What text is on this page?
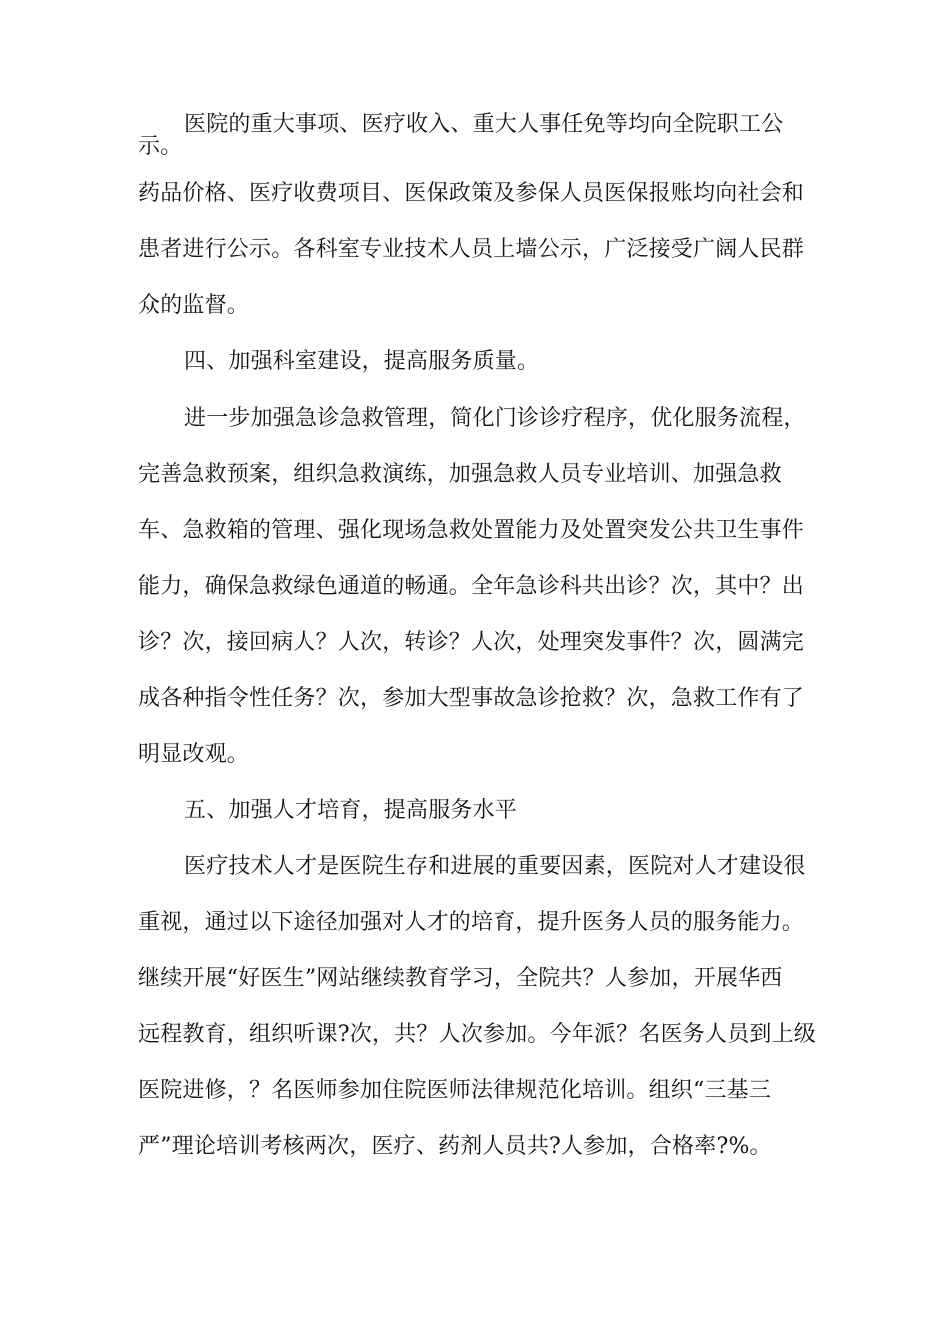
医院的重大事项、医疗收入、重大人事任免等均向全院职工公
示。
药品价格、医疗收费项目、医保政策及参保人员医保报账均向社会和
患者进行公示。各科室专业技术人员上墙公示，广泛接受广阔人民群
众的监督。
四、加强科室建设，提高服务质量。
进一步加强急诊急救管理，简化门诊诊疗程序，优化服务流程，
完善急救预案，组织急救演练，加强急救人员专业培训、加强急救
车、急救箱的管理、强化现场急救处置能力及处置突发公共卫生事件
能力，确保急救绿色通道的畅通。全年急诊科共出诊？次，其中？出
诊？次，接回病人？人次，转诊？人次，处理突发事件？次，圆满完
成各种指令性任务？次，参加大型事故急诊抢救？次，急救工作有了
明显改观。
五、加强人才培育，提高服务水平
医疗技术人才是医院生存和进展的重要因素，医院对人才建设很
重视，通过以下途径加强对人才的培育，提升医务人员的服务能力。
继续开展“好医生”网站继续教育学习，全院共？人参加，开展华西
远程教育，组织听课?次，共？人次参加。今年派？名医务人员到上级
医院进修，？名医师参加住院医师法律规范化培训。组织“三基三
严”理论培训考核两次，医疗、药剂人员共?人参加，合格率?%。
